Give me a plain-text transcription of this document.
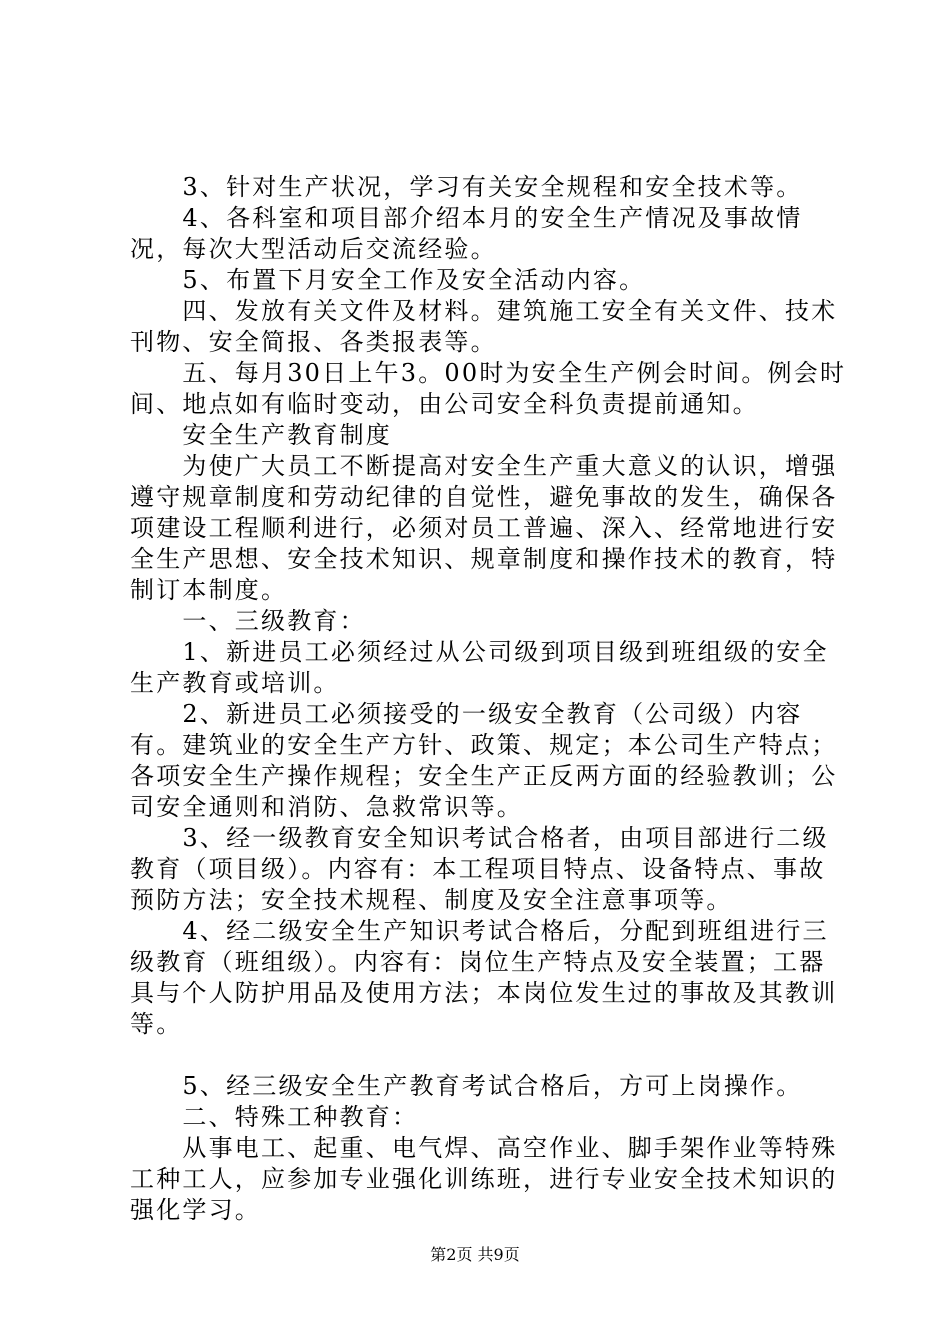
　　3、针对生产状况，学习有关安全规程和安全技术等。

　　4、各科室和项目部介绍本月的安全生产情况及事故情况，每次大型活动后交流经验。

　　5、布置下月安全工作及安全活动内容。

　　四、发放有关文件及材料。建筑施工安全有关文件、技术刊物、安全简报、各类报表等。

　　五、每月30日上午3。00时为安全生产例会时间。例会时间、地点如有临时变动，由公司安全科负责提前通知。

　　安全生产教育制度

　　为使广大员工不断提高对安全生产重大意义的认识，增强遵守规章制度和劳动纪律的自觉性，避免事故的发生，确保各项建设工程顺利进行，必须对员工普遍、深入、经常地进行安全生产思想、安全技术知识、规章制度和操作技术的教育，特制订本制度。

　　一、三级教育：

　　1、新进员工必须经过从公司级到项目级到班组级的安全生产教育或培训。

　　2、新进员工必须接受的一级安全教育（公司级）内容有。建筑业的安全生产方针、政策、规定；本公司生产特点；各项安全生产操作规程；安全生产正反两方面的经验教训；公司安全通则和消防、急救常识等。

　　3、经一级教育安全知识考试合格者，由项目部进行二级教育（项目级）。内容有：本工程项目特点、设备特点、事故预防方法；安全技术规程、制度及安全注意事项等。

　　4、经二级安全生产知识考试合格后，分配到班组进行三级教育（班组级）。内容有：岗位生产特点及安全装置；工器具与个人防护用品及使用方法；本岗位发生过的事故及其教训等。

　　5、经三级安全生产教育考试合格后，方可上岗操作。

　　二、特殊工种教育：

　　从事电工、起重、电气焊、高空作业、脚手架作业等特殊工种工人，应参加专业强化训练班，进行专业安全技术知识的强化学习。

第2页 共9页
